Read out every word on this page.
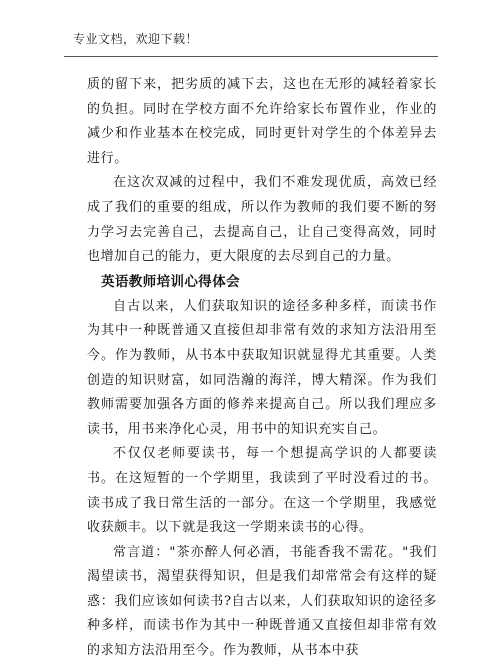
专业文档，欢迎下载！

质的留下来，把劣质的减下去，这也在无形的减轻着家长的负担。同时在学校方面不允许给家长布置作业，作业的减少和作业基本在校完成，同时更针对学生的个体差异去进行。

在这次双减的过程中，我们不难发现优质，高效已经成了我们的重要的组成，所以作为教师的我们要不断的努力学习去完善自己，去提高自己，让自己变得高效，同时也增加自己的能力，更大限度的去尽到自己的力量。

英语教师培训心得体会

自古以来，人们获取知识的途径多种多样，而读书作为其中一种既普通又直接但却非常有效的求知方法沿用至今。作为教师，从书本中获取知识就显得尤其重要。人类创造的知识财富，如同浩瀚的海洋，博大精深。作为我们教师需要加强各方面的修养来提高自己。所以我们理应多读书，用书来净化心灵，用书中的知识充实自己。

不仅仅老师要读书，每一个想提高学识的人都要读书。在这短暂的一个学期里，我读到了平时没看过的书。读书成了我日常生活的一部分。在这一个学期里，我感觉收获颇丰。以下就是我这一学期来读书的心得。

常言道："茶亦醉人何必酒，书能香我不需花。"我们渴望读书，渴望获得知识，但是我们却常常会有这样的疑惑：我们应该如何读书?自古以来，人们获取知识的途径多种多样，而读书作为其中一种既普通又直接但却非常有效的求知方法沿用至今。作为教师，从书本中获
